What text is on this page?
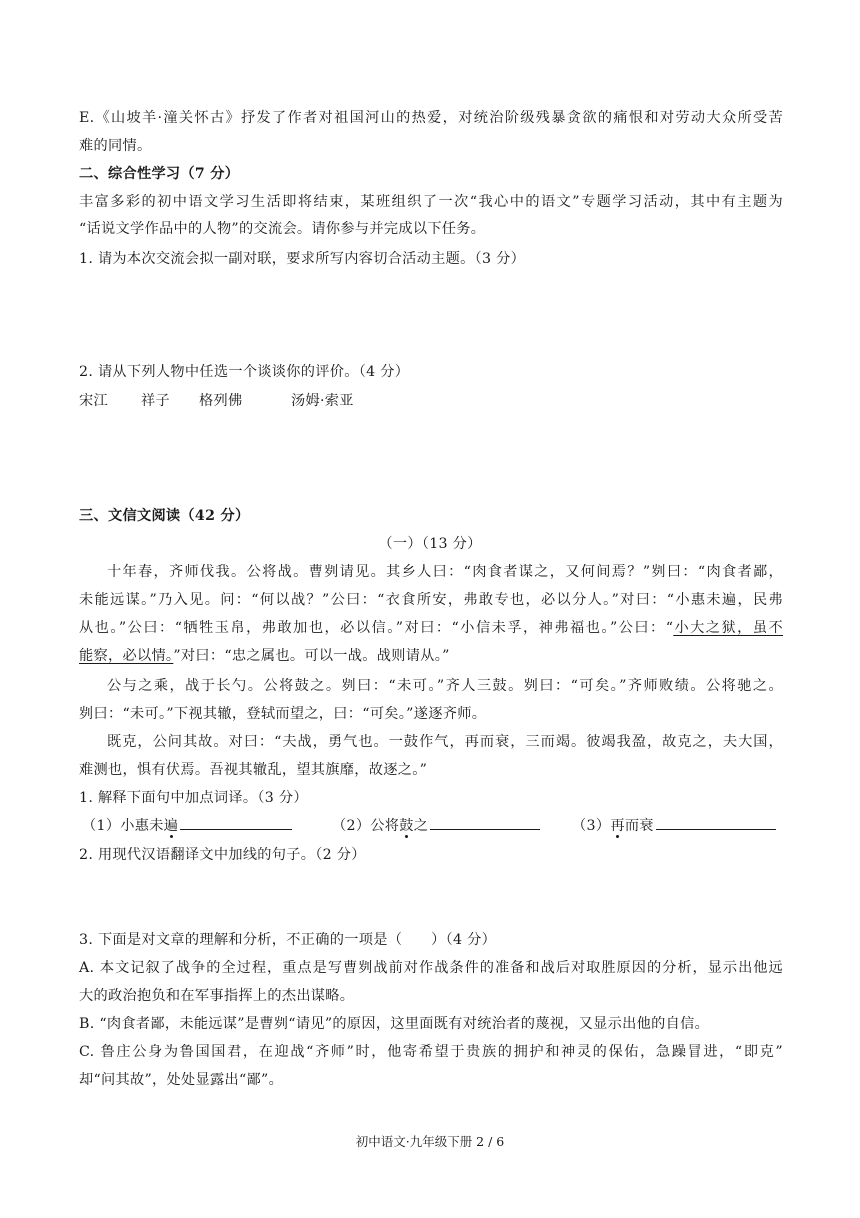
E.《山坡羊·潼关怀古》抒发了作者对祖国河山的热爱，对统治阶级残暴贪欲的痛恨和对劳动大众所受苦
难的同情。
二、综合性学习（7 分）
丰富多彩的初中语文学习生活即将结束，某班组织了一次“我心中的语文”专题学习活动，其中有主题为
“话说文学作品中的人物”的交流会。请你参与并完成以下任务。
1. 请为本次交流会拟一副对联，要求所写内容切合活动主题。（3 分）
2. 请从下列人物中任选一个谈谈你的评价。（4 分）
宋江 祥子 格列佛	汤姆·索亚
三、文信文阅读（42 分）
（一）（13 分）
十年春，齐师伐我。公将战。曹刿请见。其乡人曰：“肉食者谋之，又何间焉？”刿曰：“肉食者鄙，
未能远谋。”乃入见。问：“何以战？”公曰：“衣食所安，弗敢专也，必以分人。”对曰：“小惠未遍，民弗
从也。”公曰：“牺牲玉帛，弗敢加也，必以信。”对曰：“小信未孚，神弗福也。”公曰：“小大之狱，虽不
能察，必以情。”对曰：“忠之属也。可以一战。战则请从。”
公与之乘，战于长勺。公将鼓之。刿曰：“未可。”齐人三鼓。刿曰：“可矣。”齐师败绩。公将驰之。
刿曰：“未可。”下视其辙，登轼而望之，曰：“可矣。”遂逐齐师。
既克，公问其故。对曰：“夫战，勇气也。一鼓作气，再而衰，三而竭。彼竭我盈，故克之，夫大国，
难测也，惧有伏焉。吾视其辙乱，望其旗靡，故逐之。”
1. 解释下面句中加点词译。（3 分）
（1）小惠未遍	（2）公将鼓之	（3）再而衰
2. 用现代汉语翻译文中加线的句子。（2 分）
3. 下面是对文章的理解和分析，不正确的一项是（　　）（4 分）
A. 本文记叙了战争的全过程，重点是写曹刿战前对作战条件的准备和战后对取胜原因的分析，显示出他远
大的政治抱负和在军事指挥上的杰出谋略。
B. “肉食者鄙，未能远谋”是曹刿“请见”的原因，这里面既有对统治者的蔑视，又显示出他的自信。
C. 鲁庄公身为鲁国国君，在迎战“齐师”时，他寄希望于贵族的拥护和神灵的保佑，急躁冒进，“即克”
却“问其故”，处处显露出“鄙”。
初中语文·九年级下册 2 / 6
